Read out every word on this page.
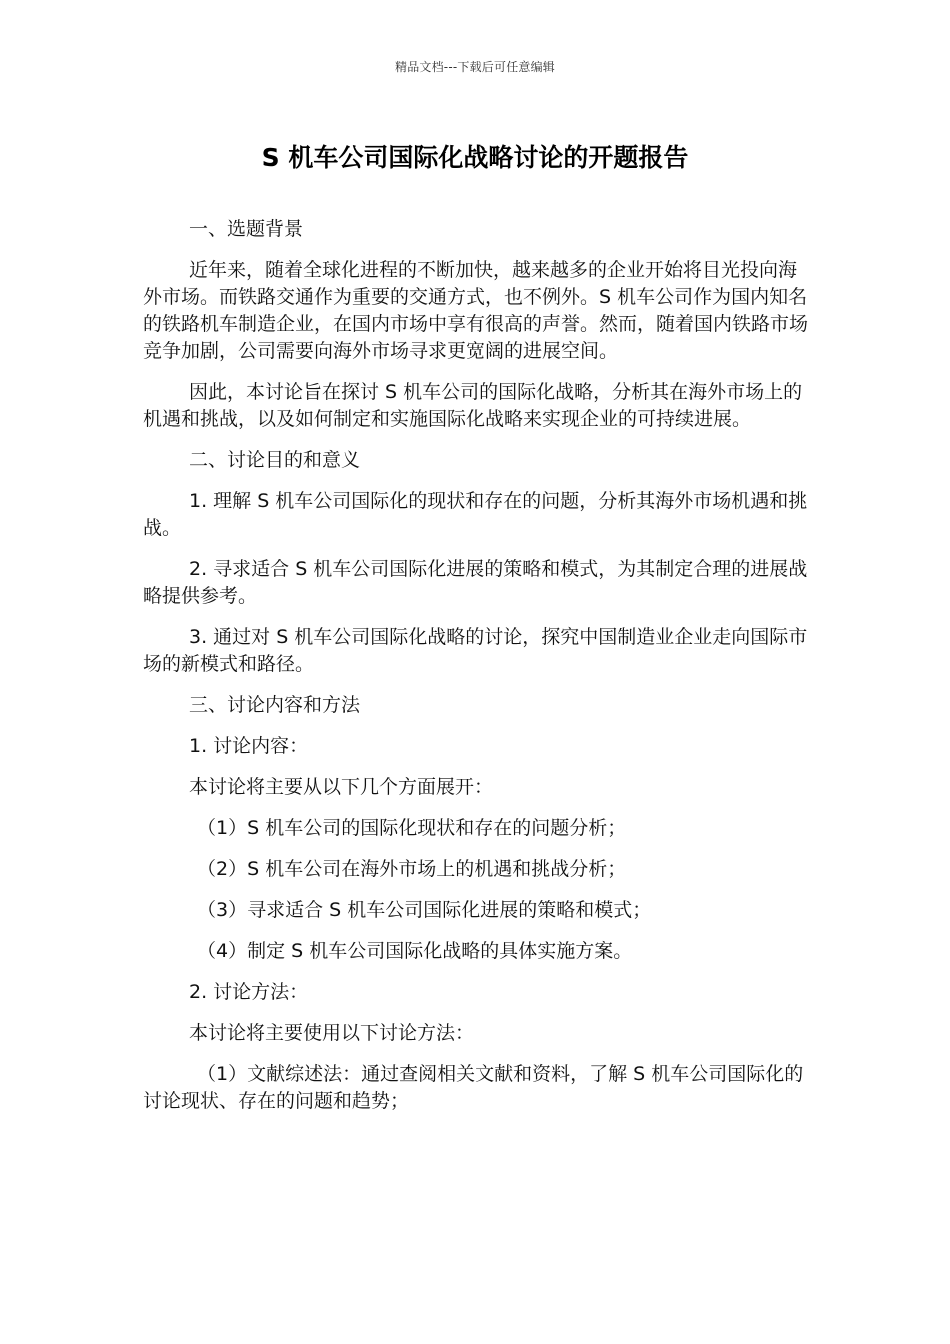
精品文档---下载后可任意编辑
S 机车公司国际化战略讨论的开题报告

一、选题背景

近年来，随着全球化进程的不断加快，越来越多的企业开始将目光投向海外市场。而铁路交通作为重要的交通方式，也不例外。S 机车公司作为国内知名的铁路机车制造企业，在国内市场中享有很高的声誉。然而，随着国内铁路市场竞争加剧，公司需要向海外市场寻求更宽阔的进展空间。

因此，本讨论旨在探讨 S 机车公司的国际化战略，分析其在海外市场上的机遇和挑战，以及如何制定和实施国际化战略来实现企业的可持续进展。

二、讨论目的和意义

1. 理解 S 机车公司国际化的现状和存在的问题，分析其海外市场机遇和挑战。

2. 寻求适合 S 机车公司国际化进展的策略和模式，为其制定合理的进展战略提供参考。

3. 通过对 S 机车公司国际化战略的讨论，探究中国制造业企业走向国际市场的新模式和路径。

三、讨论内容和方法

1. 讨论内容：

本讨论将主要从以下几个方面展开：

（1）S 机车公司的国际化现状和存在的问题分析；

（2）S 机车公司在海外市场上的机遇和挑战分析；

（3）寻求适合 S 机车公司国际化进展的策略和模式；

（4）制定 S 机车公司国际化战略的具体实施方案。

2. 讨论方法：

本讨论将主要使用以下讨论方法：

（1）文献综述法：通过查阅相关文献和资料，了解 S 机车公司国际化的讨论现状、存在的问题和趋势；
